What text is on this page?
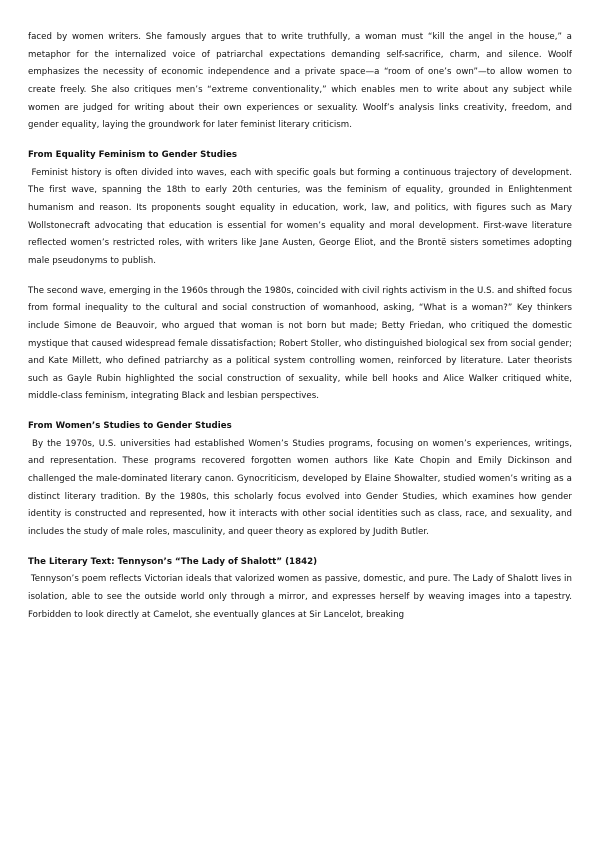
faced by women writers. She famously argues that to write truthfully, a woman must “kill the angel in the house,” a metaphor for the internalized voice of patriarchal expectations demanding self-sacrifice, charm, and silence. Woolf emphasizes the necessity of economic independence and a private space—a “room of one’s own”—to allow women to create freely. She also critiques men’s “extreme conventionality,” which enables men to write about any subject while women are judged for writing about their own experiences or sexuality. Woolf’s analysis links creativity, freedom, and gender equality, laying the groundwork for later feminist literary criticism.

From Equality Feminism to Gender Studies

Feminist history is often divided into waves, each with specific goals but forming a continuous trajectory of development. The first wave, spanning the 18th to early 20th centuries, was the feminism of equality, grounded in Enlightenment humanism and reason. Its proponents sought equality in education, work, law, and politics, with figures such as Mary Wollstonecraft advocating that education is essential for women’s equality and moral development. First-wave literature reflected women’s restricted roles, with writers like Jane Austen, George Eliot, and the Brontë sisters sometimes adopting male pseudonyms to publish.

The second wave, emerging in the 1960s through the 1980s, coincided with civil rights activism in the U.S. and shifted focus from formal inequality to the cultural and social construction of womanhood, asking, “What is a woman?” Key thinkers include Simone de Beauvoir, who argued that woman is not born but made; Betty Friedan, who critiqued the domestic mystique that caused widespread female dissatisfaction; Robert Stoller, who distinguished biological sex from social gender; and Kate Millett, who defined patriarchy as a political system controlling women, reinforced by literature. Later theorists such as Gayle Rubin highlighted the social construction of sexuality, while bell hooks and Alice Walker critiqued white, middle-class feminism, integrating Black and lesbian perspectives.

From Women’s Studies to Gender Studies

By the 1970s, U.S. universities had established Women’s Studies programs, focusing on women’s experiences, writings, and representation. These programs recovered forgotten women authors like Kate Chopin and Emily Dickinson and challenged the male-dominated literary canon. Gynocriticism, developed by Elaine Showalter, studied women’s writing as a distinct literary tradition. By the 1980s, this scholarly focus evolved into Gender Studies, which examines how gender identity is constructed and represented, how it interacts with other social identities such as class, race, and sexuality, and includes the study of male roles, masculinity, and queer theory as explored by Judith Butler.

The Literary Text: Tennyson’s “The Lady of Shalott” (1842)

Tennyson’s poem reflects Victorian ideals that valorized women as passive, domestic, and pure. The Lady of Shalott lives in isolation, able to see the outside world only through a mirror, and expresses herself by weaving images into a tapestry. Forbidden to look directly at Camelot, she eventually glances at Sir Lancelot, breaking
